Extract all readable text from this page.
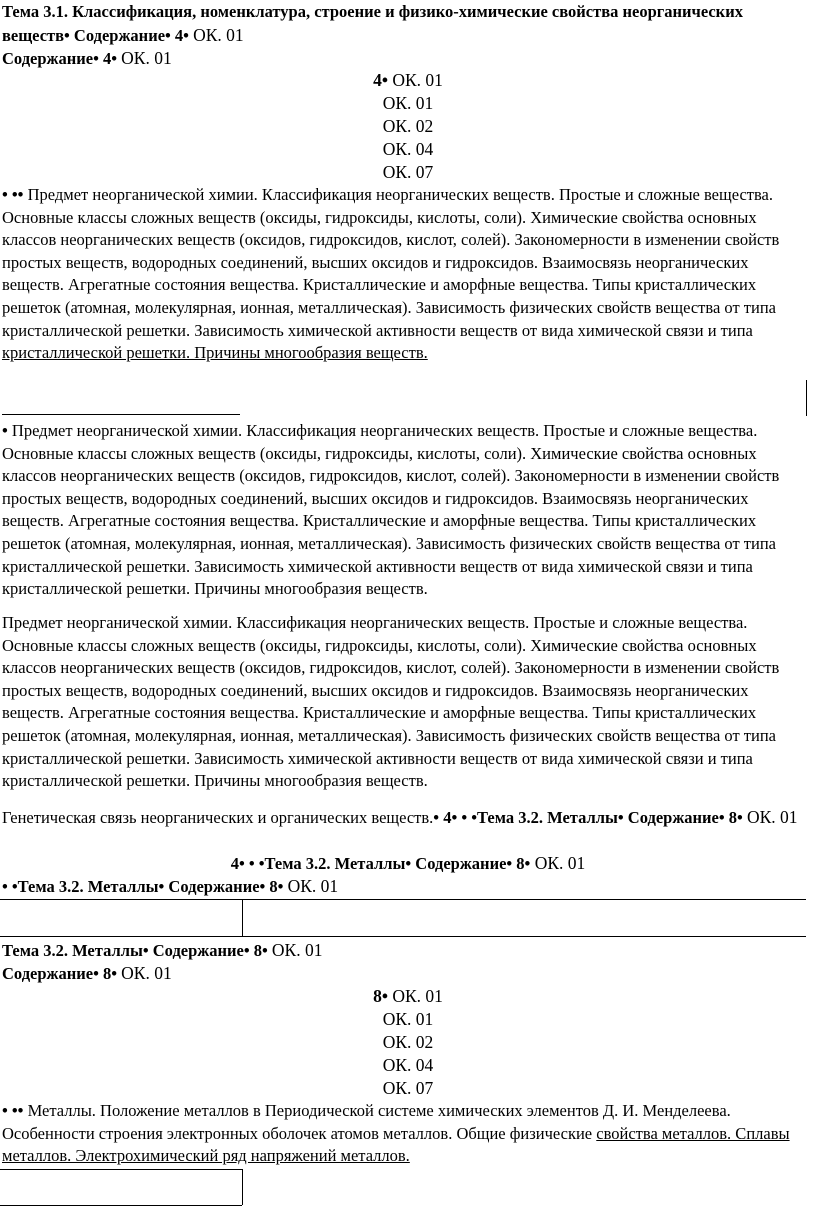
Тема 3.1. Классификация, номенклатура, строение и физико-химические свойства неорганических веществ• Содержание• 4• ОК. 01
Содержание• 4• ОК. 01
4• ОК. 01
ОК. 01
ОК. 02
ОК. 04
ОК. 07
• •• Предмет неорганической химии. Классификация неорганических веществ. Простые и сложные вещества. Основные классы сложных веществ (оксиды, гидроксиды, кислоты, соли). Химические свойства основных классов неорганических веществ (оксидов, гидроксидов, кислот, солей). Закономерности в изменении свойств простых веществ, водородных соединений, высших оксидов и гидроксидов. Взаимосвязь неорганических веществ. Агрегатные состояния вещества. Кристаллические и аморфные вещества. Типы кристаллических решеток (атомная, молекулярная, ионная, металлическая). Зависимость физических свойств вещества от типа кристаллической решетки. Зависимость химической активности веществ от вида химической связи и типа кристаллической решетки. Причины многообразия веществ.
• Предмет неорганической химии. Классификация неорганических веществ. Простые и сложные вещества. Основные классы сложных веществ (оксиды, гидроксиды, кислоты, соли). Химические свойства основных классов неорганических веществ (оксидов, гидроксидов, кислот, солей). Закономерности в изменении свойств простых веществ, водородных соединений, высших оксидов и гидроксидов. Взаимосвязь неорганических веществ. Агрегатные состояния вещества. Кристаллические и аморфные вещества. Типы кристаллических решеток (атомная, молекулярная, ионная, металлическая). Зависимость физических свойств вещества от типа кристаллической решетки. Зависимость химической активности веществ от вида химической связи и типа кристаллической решетки. Причины многообразия веществ.
Предмет неорганической химии. Классификация неорганических веществ. Простые и сложные вещества. Основные классы сложных веществ (оксиды, гидроксиды, кислоты, соли). Химические свойства основных классов неорганических веществ (оксидов, гидроксидов, кислот, солей). Закономерности в изменении свойств простых веществ, водородных соединений, высших оксидов и гидроксидов. Взаимосвязь неорганических веществ. Агрегатные состояния вещества. Кристаллические и аморфные вещества. Типы кристаллических решеток (атомная, молекулярная, ионная, металлическая). Зависимость физических свойств вещества от типа кристаллической решетки. Зависимость химической активности веществ от вида химической связи и типа кристаллической решетки. Причины многообразия веществ.
Генетическая связь неорганических и органических веществ.• 4• • •Тема 3.2. Металлы• Содержание• 8• ОК. 01
4• • •Тема 3.2. Металлы• Содержание• 8• ОК. 01
• •Тема 3.2. Металлы• Содержание• 8• ОК. 01
Тема 3.2. Металлы• Содержание• 8• ОК. 01
Содержание• 8• ОК. 01
8• ОК. 01
ОК. 01
ОК. 02
ОК. 04
ОК. 07
• •• Металлы. Положение металлов в Периодической системе химических элементов Д. И. Менделеева. Особенности строения электронных оболочек атомов металлов. Общие физические свойства металлов. Сплавы металлов. Электрохимический ряд напряжений металлов.
